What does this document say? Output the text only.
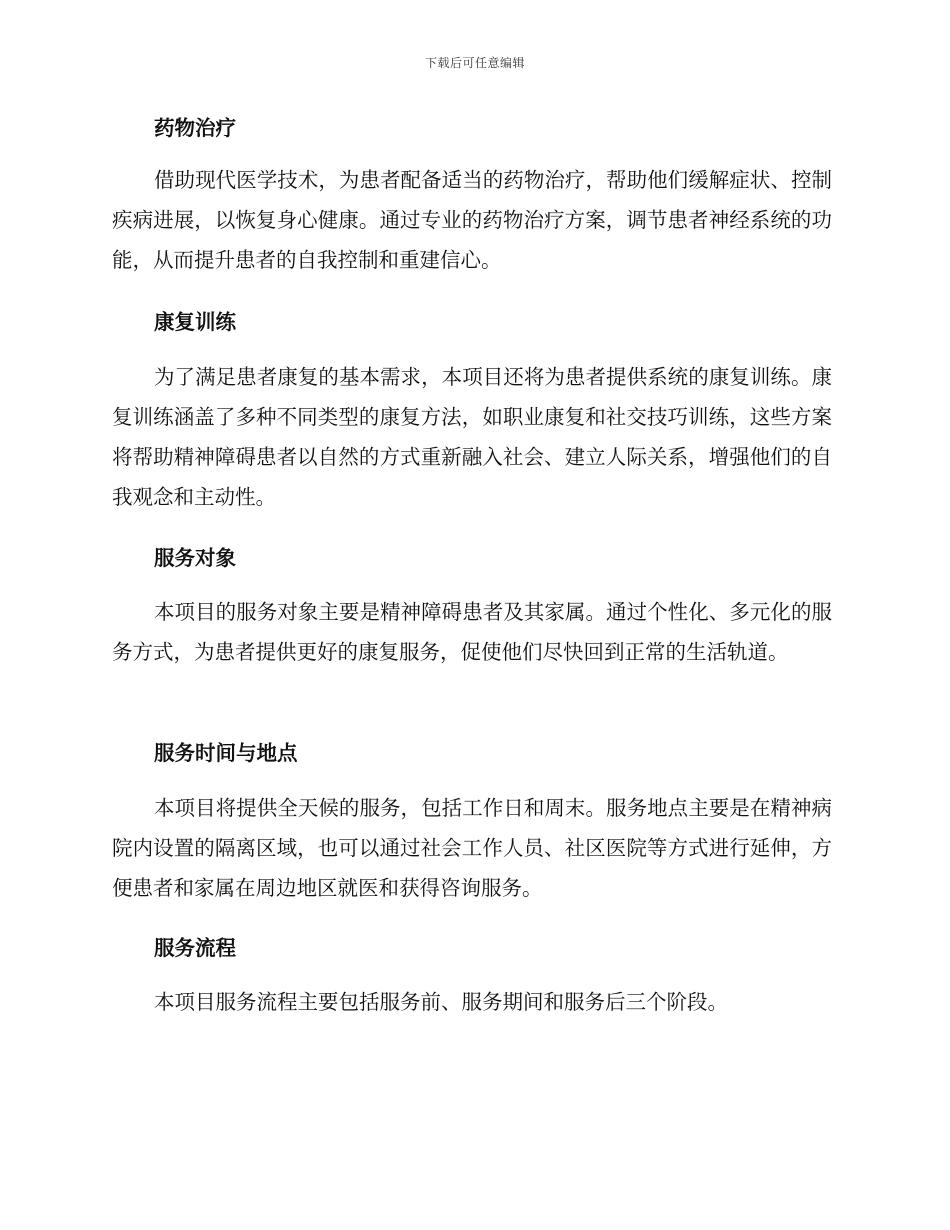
下载后可任意编辑
药物治疗

借助现代医学技术，为患者配备适当的药物治疗，帮助他们缓解症状、控制疾病进展，以恢复身心健康。通过专业的药物治疗方案，调节患者神经系统的功能，从而提升患者的自我控制和重建信心。

康复训练

为了满足患者康复的基本需求，本项目还将为患者提供系统的康复训练。康复训练涵盖了多种不同类型的康复方法，如职业康复和社交技巧训练，这些方案将帮助精神障碍患者以自然的方式重新融入社会、建立人际关系，增强他们的自我观念和主动性。

服务对象

本项目的服务对象主要是精神障碍患者及其家属。通过个性化、多元化的服务方式，为患者提供更好的康复服务，促使他们尽快回到正常的生活轨道。

服务时间与地点

本项目将提供全天候的服务，包括工作日和周末。服务地点主要是在精神病院内设置的隔离区域，也可以通过社会工作人员、社区医院等方式进行延伸，方便患者和家属在周边地区就医和获得咨询服务。

服务流程

本项目服务流程主要包括服务前、服务期间和服务后三个阶段。
